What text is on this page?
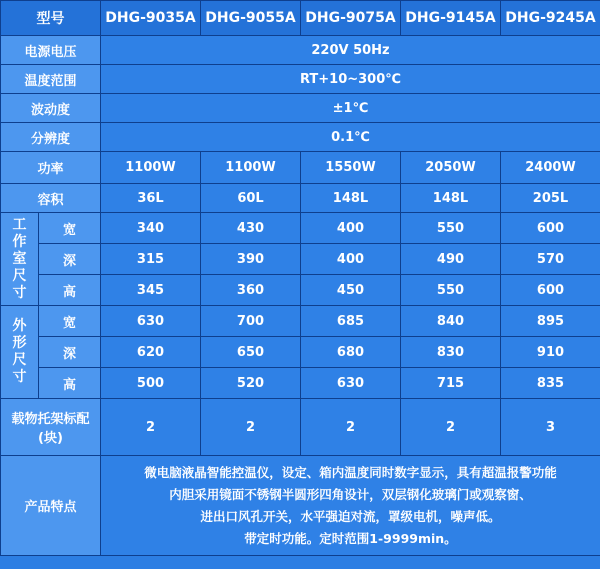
型号		DHG-9035A	DHG-9055A	DHG-9075A	DHG-9145A	DHG-9245A
电源电压		220V 50Hz				
温度范围		RT+10~300℃				
波动度		±1℃				
分辨度		0.1℃				
功率		1100W	1100W	1550W	2050W	2400W
容积		36L	60L	148L	148L	205L

工
作
室
尺
寸	宽	340	430	400	550	600
	深	315	390	400	490	570
	高	345	360	450	550	600

外
形
尺
寸	宽	630	700	685	840	895
	深	620	650	680	830	910
	高	500	520	630	715	835

载物托架标配
(块)		2	2	2	2	3
产品特点		微电脑液晶智能控温仪，设定、箱内温度同时数字显示，具有超温报警功能
内胆采用镜面不锈钢半圆形四角设计，双层钢化玻璃门或观察窗、
进出口风孔开关，水平强迫对流，罩级电机，噪声低。
带定时功能。定时范围1-9999min。				
